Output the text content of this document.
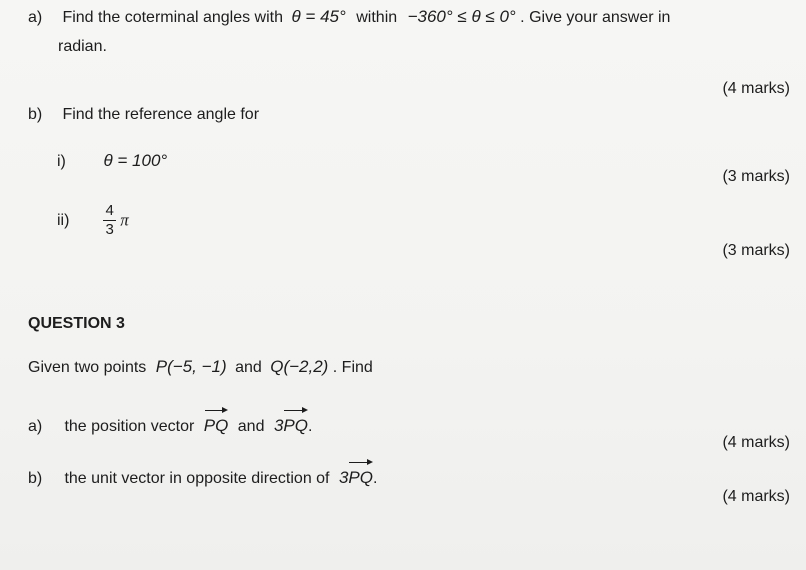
a) Find the coterminal angles with θ = 45° within −360° ≤ θ ≤ 0° . Give your answer in
radian.
(4 marks)
b) Find the reference angle for
i) θ = 100°
(3 marks)
$ii) \frac{4}{3}$ π
(3 marks)
QUESTION 3
Given two points P(−5, −1) and Q(−2,2) . Find
a) the position vector PQ and 3PQ.
(4 marks)
b) the unit vector in opposite direction of 3PQ.
(4 marks)
